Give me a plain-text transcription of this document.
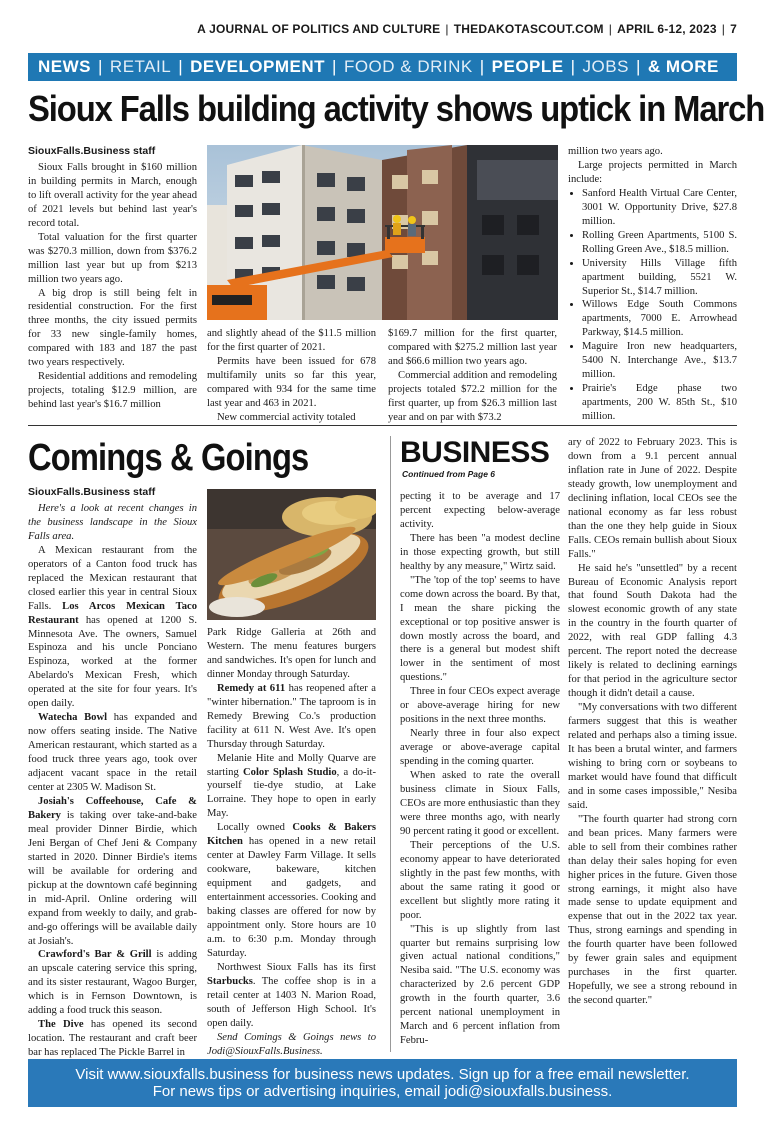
A JOURNAL OF POLITICS AND CULTURE | THEDAKOTASCOUT.COM | APRIL 6-12, 2023 | 7
NEWS | RETAIL | DEVELOPMENT | FOOD & DRINK | PEOPLE | JOBS | & MORE
Sioux Falls building activity shows uptick in March
SiouxFalls.Business staff

Sioux Falls brought in $160 million in building permits in March, enough to lift overall activity for the year ahead of 2021 levels but behind last year's record total.

Total valuation for the first quarter was $270.3 million, down from $376.2 million last year but up from $213 million two years ago.

A big drop is still being felt in residential construction. For the first three months, the city issued permits for 33 new single-family homes, compared with 183 and 187 the past two years respectively.

Residential additions and remodeling projects, totaling $12.9 million, are behind last year's $16.7 million

and slightly ahead of the $11.5 million for the first quarter of 2021.

Permits have been issued for 678 multifamily units so far this year, compared with 934 for the same time last year and 463 in 2021.

New commercial activity totaled

$169.7 million for the first quarter, compared with $275.2 million last year and $66.6 million two years ago.

Commercial addition and remodeling projects totaled $72.2 million for the first quarter, up from $26.3 million last year and on par with $73.2

million two years ago.

Large projects permitted in March include:

• Sanford Health Virtual Care Center, 3001 W. Opportunity Drive, $27.8 million.
• Rolling Green Apartments, 5100 S. Rolling Green Ave., $18.5 million.
• University Hills Village fifth apartment building, 5521 W. Superior St., $14.7 million.
• Willows Edge South Commons apartments, 7000 E. Arrowhead Parkway, $14.5 million.
• Maguire Iron new headquarters, 5400 N. Interchange Ave., $13.7 million.
• Prairie's Edge phase two apartments, 200 W. 85th St., $10 million.
Comings & Goings
SiouxFalls.Business staff

Here's a look at recent changes in the business landscape in the Sioux Falls area.

A Mexican restaurant from the operators of a Canton food truck has replaced the Mexican restaurant that closed earlier this year in central Sioux Falls. Los Arcos Mexican Taco Restaurant has opened at 1200 S. Minnesota Ave. The owners, Samuel Espinoza and his uncle Ponciano Espinoza, worked at the former Abelardo's Mexican Fresh, which operated at the site for four years. It's open daily.

Watecha Bowl has expanded and now offers seating inside. The Native American restaurant, which started as a food truck three years ago, took over adjacent vacant space in the retail center at 2305 W. Madison St.

Josiah's Coffeehouse, Cafe & Bakery is taking over take-and-bake meal provider Dinner Birdie, which Jeni Bergan of Chef Jeni & Company started in 2020. Dinner Birdie's items will be available for ordering and pickup at the downtown café beginning in mid-April. Online ordering will expand from weekly to daily, and grab-and-go offerings will be available daily at Josiah's.

Crawford's Bar & Grill is adding an upscale catering service this spring, and its sister restaurant, Wagoo Burger, which is in Fernson Downtown, is adding a food truck this season.

The Dive has opened its second location. The restaurant and craft beer bar has replaced The Pickle Barrel in

Park Ridge Galleria at 26th and Western. The menu features burgers and sandwiches. It's open for lunch and dinner Monday through Saturday.

Remedy at 611 has reopened after a "winter hibernation." The taproom is in Remedy Brewing Co.'s production facility at 611 N. West Ave. It's open Thursday through Saturday.

Melanie Hite and Molly Quarve are starting Color Splash Studio, a do-it-yourself tie-dye studio, at Lake Lorraine. They hope to open in early May.

Locally owned Cooks & Bakers Kitchen has opened in a new retail center at Dawley Farm Village. It sells cookware, bakeware, kitchen equipment and gadgets, and entertainment accessories. Cooking and baking classes are offered for now by appointment only. Store hours are 10 a.m. to 6:30 p.m. Monday through Saturday.

Northwest Sioux Falls has its first Starbucks. The coffee shop is in a retail center at 1403 N. Marion Road, south of Jefferson High School. It's open daily.

Send Comings & Goings news to Jodi@SiouxFalls.Business.

BUSINESS
Continued from Page 6

pecting it to be average and 17 percent expecting below-average activity.

There has been "a modest decline in those expecting growth, but still healthy by any measure," Wirtz said.

"The 'top of the top' seems to have come down across the board. By that, I mean the share picking the exceptional or top positive answer is down mostly across the board, and there is a general but modest shift lower in the sentiment of most questions."

Three in four CEOs expect average or above-average hiring for new positions in the next three months.

Nearly three in four also expect average or above-average capital spending in the coming quarter.

When asked to rate the overall business climate in Sioux Falls, CEOs are more enthusiastic than they were three months ago, with nearly 90 percent rating it good or excellent.

Their perceptions of the U.S. economy appear to have deteriorated slightly in the past few months, with about the same rating it good or excellent but slightly more rating it poor.

"This is up slightly from last quarter but remains surprising low given actual national conditions," Nesiba said. "The U.S. economy was characterized by 2.6 percent GDP growth in the fourth quarter, 3.6 percent national unemployment in March and 6 percent inflation from Febru-

ary of 2022 to February 2023. This is down from a 9.1 percent annual inflation rate in June of 2022. Despite steady growth, low unemployment and declining inflation, local CEOs see the national economy as far less robust than the one they help guide in Sioux Falls. CEOs remain bullish about Sioux Falls."

He said he's "unsettled" by a recent Bureau of Economic Analysis report that found South Dakota had the slowest economic growth of any state in the country in the fourth quarter of 2022, with real GDP falling 4.3 percent. The report noted the decrease likely is related to declining earnings for that period in the agriculture sector though it didn't detail a cause.

"My conversations with two different farmers suggest that this is weather related and perhaps also a timing issue. It has been a brutal winter, and farmers wishing to bring corn or soybeans to market would have found that difficult and in some cases impossible," Nesiba said.

"The fourth quarter had strong corn and bean prices. Many farmers were able to sell from their combines rather than delay their sales hoping for even higher prices in the future. Given those strong earnings, it might also have made sense to update equipment and expense that out in the 2022 tax year. Thus, strong earnings and spending in the fourth quarter have been followed by fewer grain sales and equipment purchases in the first quarter. Hopefully, we see a strong rebound in the second quarter."

Visit www.siouxfalls.business for business news updates. Sign up for a free email newsletter.
For news tips or advertising inquiries, email jodi@siouxfalls.business.
